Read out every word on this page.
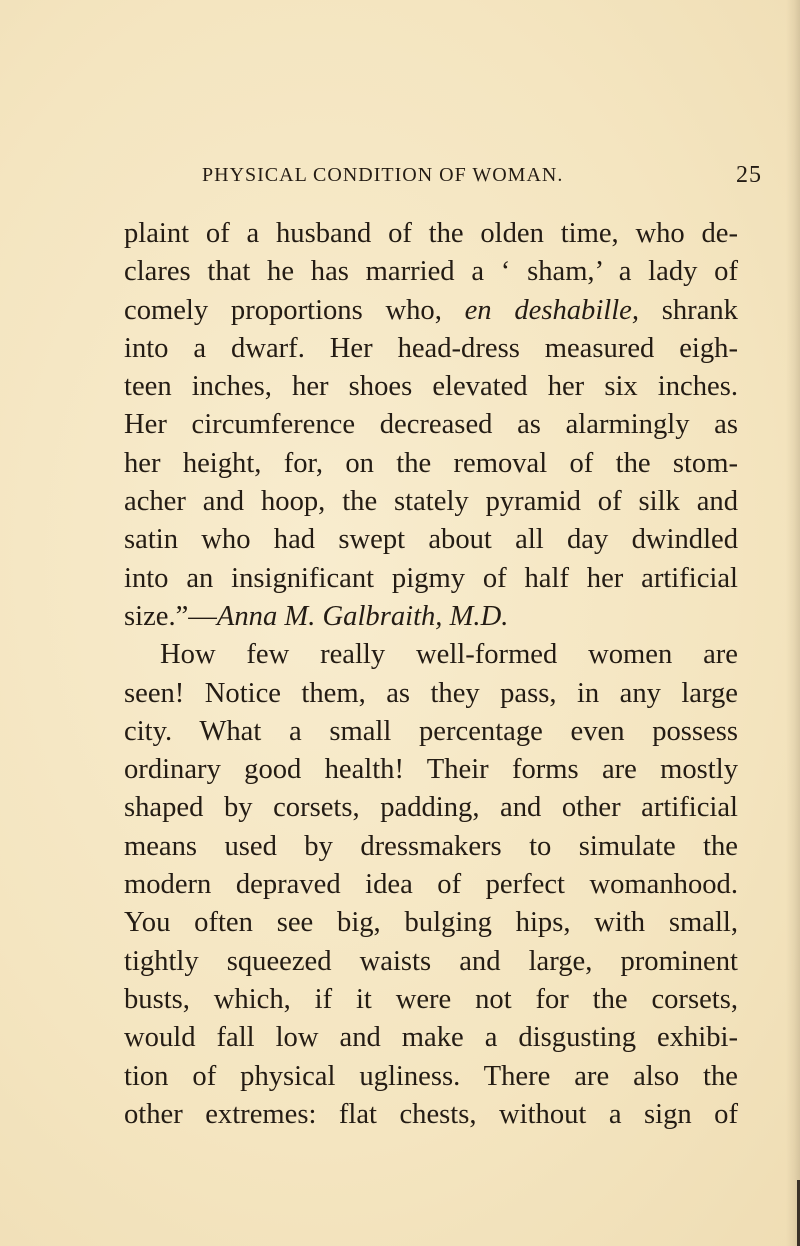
PHYSICAL CONDITION OF WOMAN.	25
plaint of a husband of the olden time, who de-
clares that he has married a ‘ sham,’ a lady of
comely proportions who, en deshabille, shrank
into a dwarf. Her head-dress measured eigh-
teen inches, her shoes elevated her six inches.
Her circumference decreased as alarmingly as
her height, for, on the removal of the stom-
acher and hoop, the stately pyramid of silk and
satin who had swept about all day dwindled
into an insignificant pigmy of half her artificial
size.”—Anna M. Galbraith, M.D.
How few really well-formed women are
seen! Notice them, as they pass, in any large
city. What a small percentage even possess
ordinary good health! Their forms are mostly
shaped by corsets, padding, and other artificial
means used by dressmakers to simulate the
modern depraved idea of perfect womanhood.
You often see big, bulging hips, with small,
tightly squeezed waists and large, prominent
busts, which, if it were not for the corsets,
would fall low and make a disgusting exhibi-
tion of physical ugliness. There are also the
other extremes: flat chests, without a sign of
